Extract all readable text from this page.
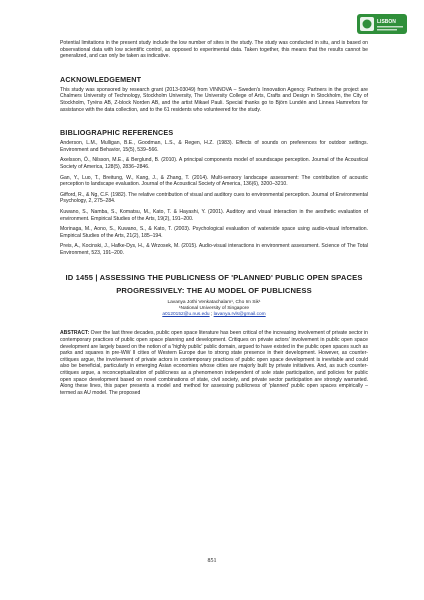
LISBON

Potential limitations in the present study include the low number of sites in the study. The study was conducted in situ, and is based on observational data with low scientific control, as opposed to experimental data. Taken together, this means that the results cannot be generalized, and can only be taken as indicative.

ACKNOWLEDGEMENT

This study was sponsored by research grant (2013-03049) from VINNOVA – Sweden's Innovation Agency. Partners in the project are Chalmers University of Technology, Stockholm University, The University College of Arts, Crafts and Design in Stockholm, the City of Stockholm, Tyréns AB, Z-block Norden AB, and the artist Mikael Pauli. Special thanks go to Björn Lundén and Linnea Hamrefors for assistance with the data collection, and to the 61 residents who volunteered for the study.

BIBLIOGRAPHIC REFERENCES

Anderson, L.M., Mulligan, B.E., Goodman, L.S., & Regen, H.Z. (1983). Effects of sounds on preferences for outdoor settings. Environment and Behavior, 15(5), 539–566.

Axelsson, Ö., Nilsson, M.E., & Berglund, B. (2010). A principal components model of soundscape perception. Journal of the Acoustical Society of America, 128(5), 2836–2846.

Gan, Y., Luo, T., Breitung, W., Kang, J., & Zhang, T. (2014). Multi-sensory landscape assessment: The contribution of acoustic perception to landscape evaluation. Journal of the Acoustical Society of America, 136(6), 3200–3210.

Gifford, R., & Ng, C.F. (1982). The relative contribution of visual and auditory cues to environmental perception. Journal of Environmental Psychology, 2, 275–284.

Kuwano, S., Namba, S., Komatsu, M., Kato, T. & Hayashi, Y. (2001). Auditory and visual interaction in the aesthetic evaluation of environment. Empirical Studies of the Arts, 19(2), 191–200.

Morinaga, M., Aono, S., Kuwano, S., & Kato, T. (2003). Psychological evaluation of waterside space using audio-visual information. Empirical Studies of the Arts, 21(2), 185–194.

Preis, A., Kocinski, J., Hafke-Dys, H., & Wrzosek, M. (2015). Audio-visual interactions in environment assessment. Science of The Total Environment, 523, 191–200.

ID 1455 | ASSESSING THE PUBLICNESS OF 'PLANNED' PUBLIC OPEN SPACES PROGRESSIVELY: THE AU MODEL OF PUBLICNESS

Lavanya Jothi Venkatachalam¹, Cho Im Sik¹

¹National University of Singapore

a0120152@u.nus.edu ; lavanya.rvls@gmail.com

ABSTRACT: Over the last three decades, public open space literature has been critical of the increasing involvement of private sector in contemporary practices of public open space planning and development. Critiques on private actors' involvement in public open space development are largely based on the notion of a 'highly public' public domain, argued to have existed in the public open spaces such as parks and squares in pre-WW II cities of Western Europe due to strong state presence in their development. However, as counter-critiques argue, the involvement of private actors in contemporary practices of public open space development is inevitable and could also be beneficial, particularly in emerging Asian economies whose cities are majorly built by private initiatives. And, as such counter-critiques argue, a reconceptualization of publicness as a phenomenon independent of sole state participation, and policies for public open space development based on novel combinations of state, civil society, and private sector participation are strongly warranted. Along these lines, this paper presents a model and method for assessing publicness of 'planned' public open spaces empirically – termed as AU model. The proposed

851
